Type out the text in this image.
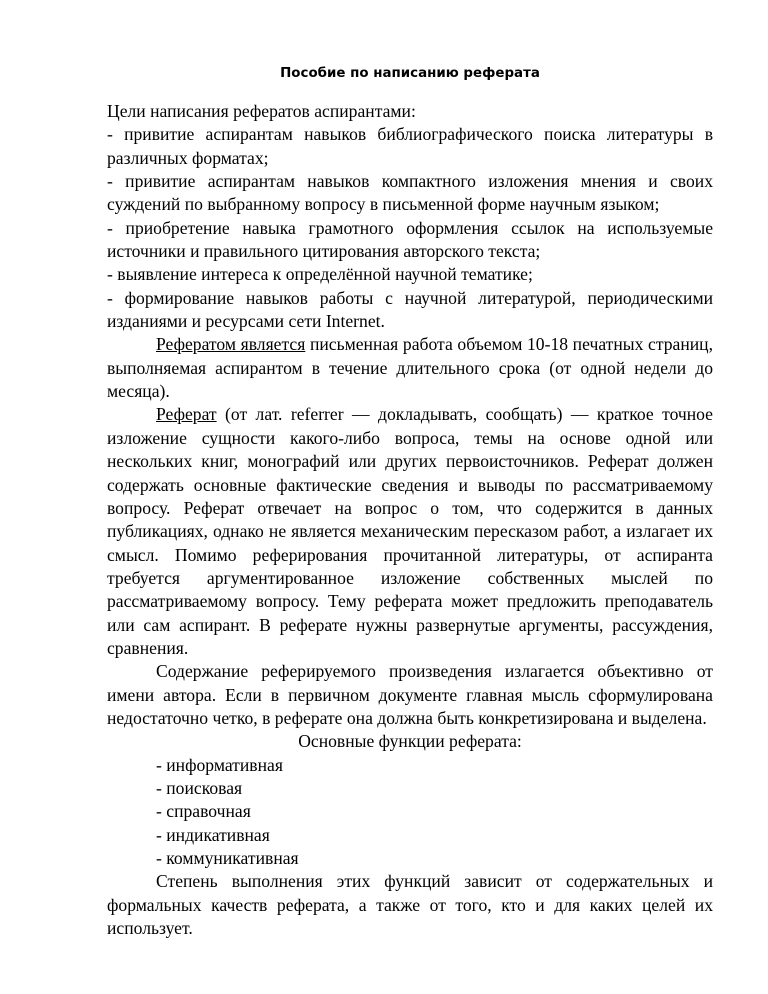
Пособие по написанию реферата

Цели написания рефератов аспирантами:

- привитие аспирантам навыков библиографического поиска литературы в различных форматах;

- привитие аспирантам навыков компактного изложения мнения и своих суждений по выбранному вопросу в письменной форме научным языком;

- приобретение навыка грамотного оформления ссылок на используемые источники и правильного цитирования авторского текста;

- выявление интереса к определённой научной тематике;

- формирование навыков работы с научной литературой, периодическими изданиями и ресурсами сети Internet.

Рефератом является письменная работа объемом 10-18 печатных страниц, выполняемая аспирантом в течение длительного срока (от одной недели до месяца).

Реферат (от лат. referrer — докладывать, сообщать) — краткое точное изложение сущности какого-либо вопроса, темы на основе одной или нескольких книг, монографий или других первоисточников. Реферат должен содержать основные фактические сведения и выводы по рассматриваемому вопросу. Реферат отвечает на вопрос о том, что содержится в данных публикациях, однако не является механическим пересказом работ, а излагает их смысл. Помимо реферирования прочитанной литературы, от аспиранта требуется аргументированное изложение собственных мыслей по рассматриваемому вопросу. Тему реферата может предложить преподаватель или сам аспирант. В реферате нужны развернутые аргументы, рассуждения, сравнения.

Содержание реферируемого произведения излагается объективно от имени автора. Если в первичном документе главная мысль сформулирована недостаточно четко, в реферате она должна быть конкретизирована и выделена.

Основные функции реферата:

- информативная

- поисковая

- справочная

- индикативная

- коммуникативная

Степень выполнения этих функций зависит от содержательных и формальных качеств реферата, а также от того, кто и для каких целей их использует.
